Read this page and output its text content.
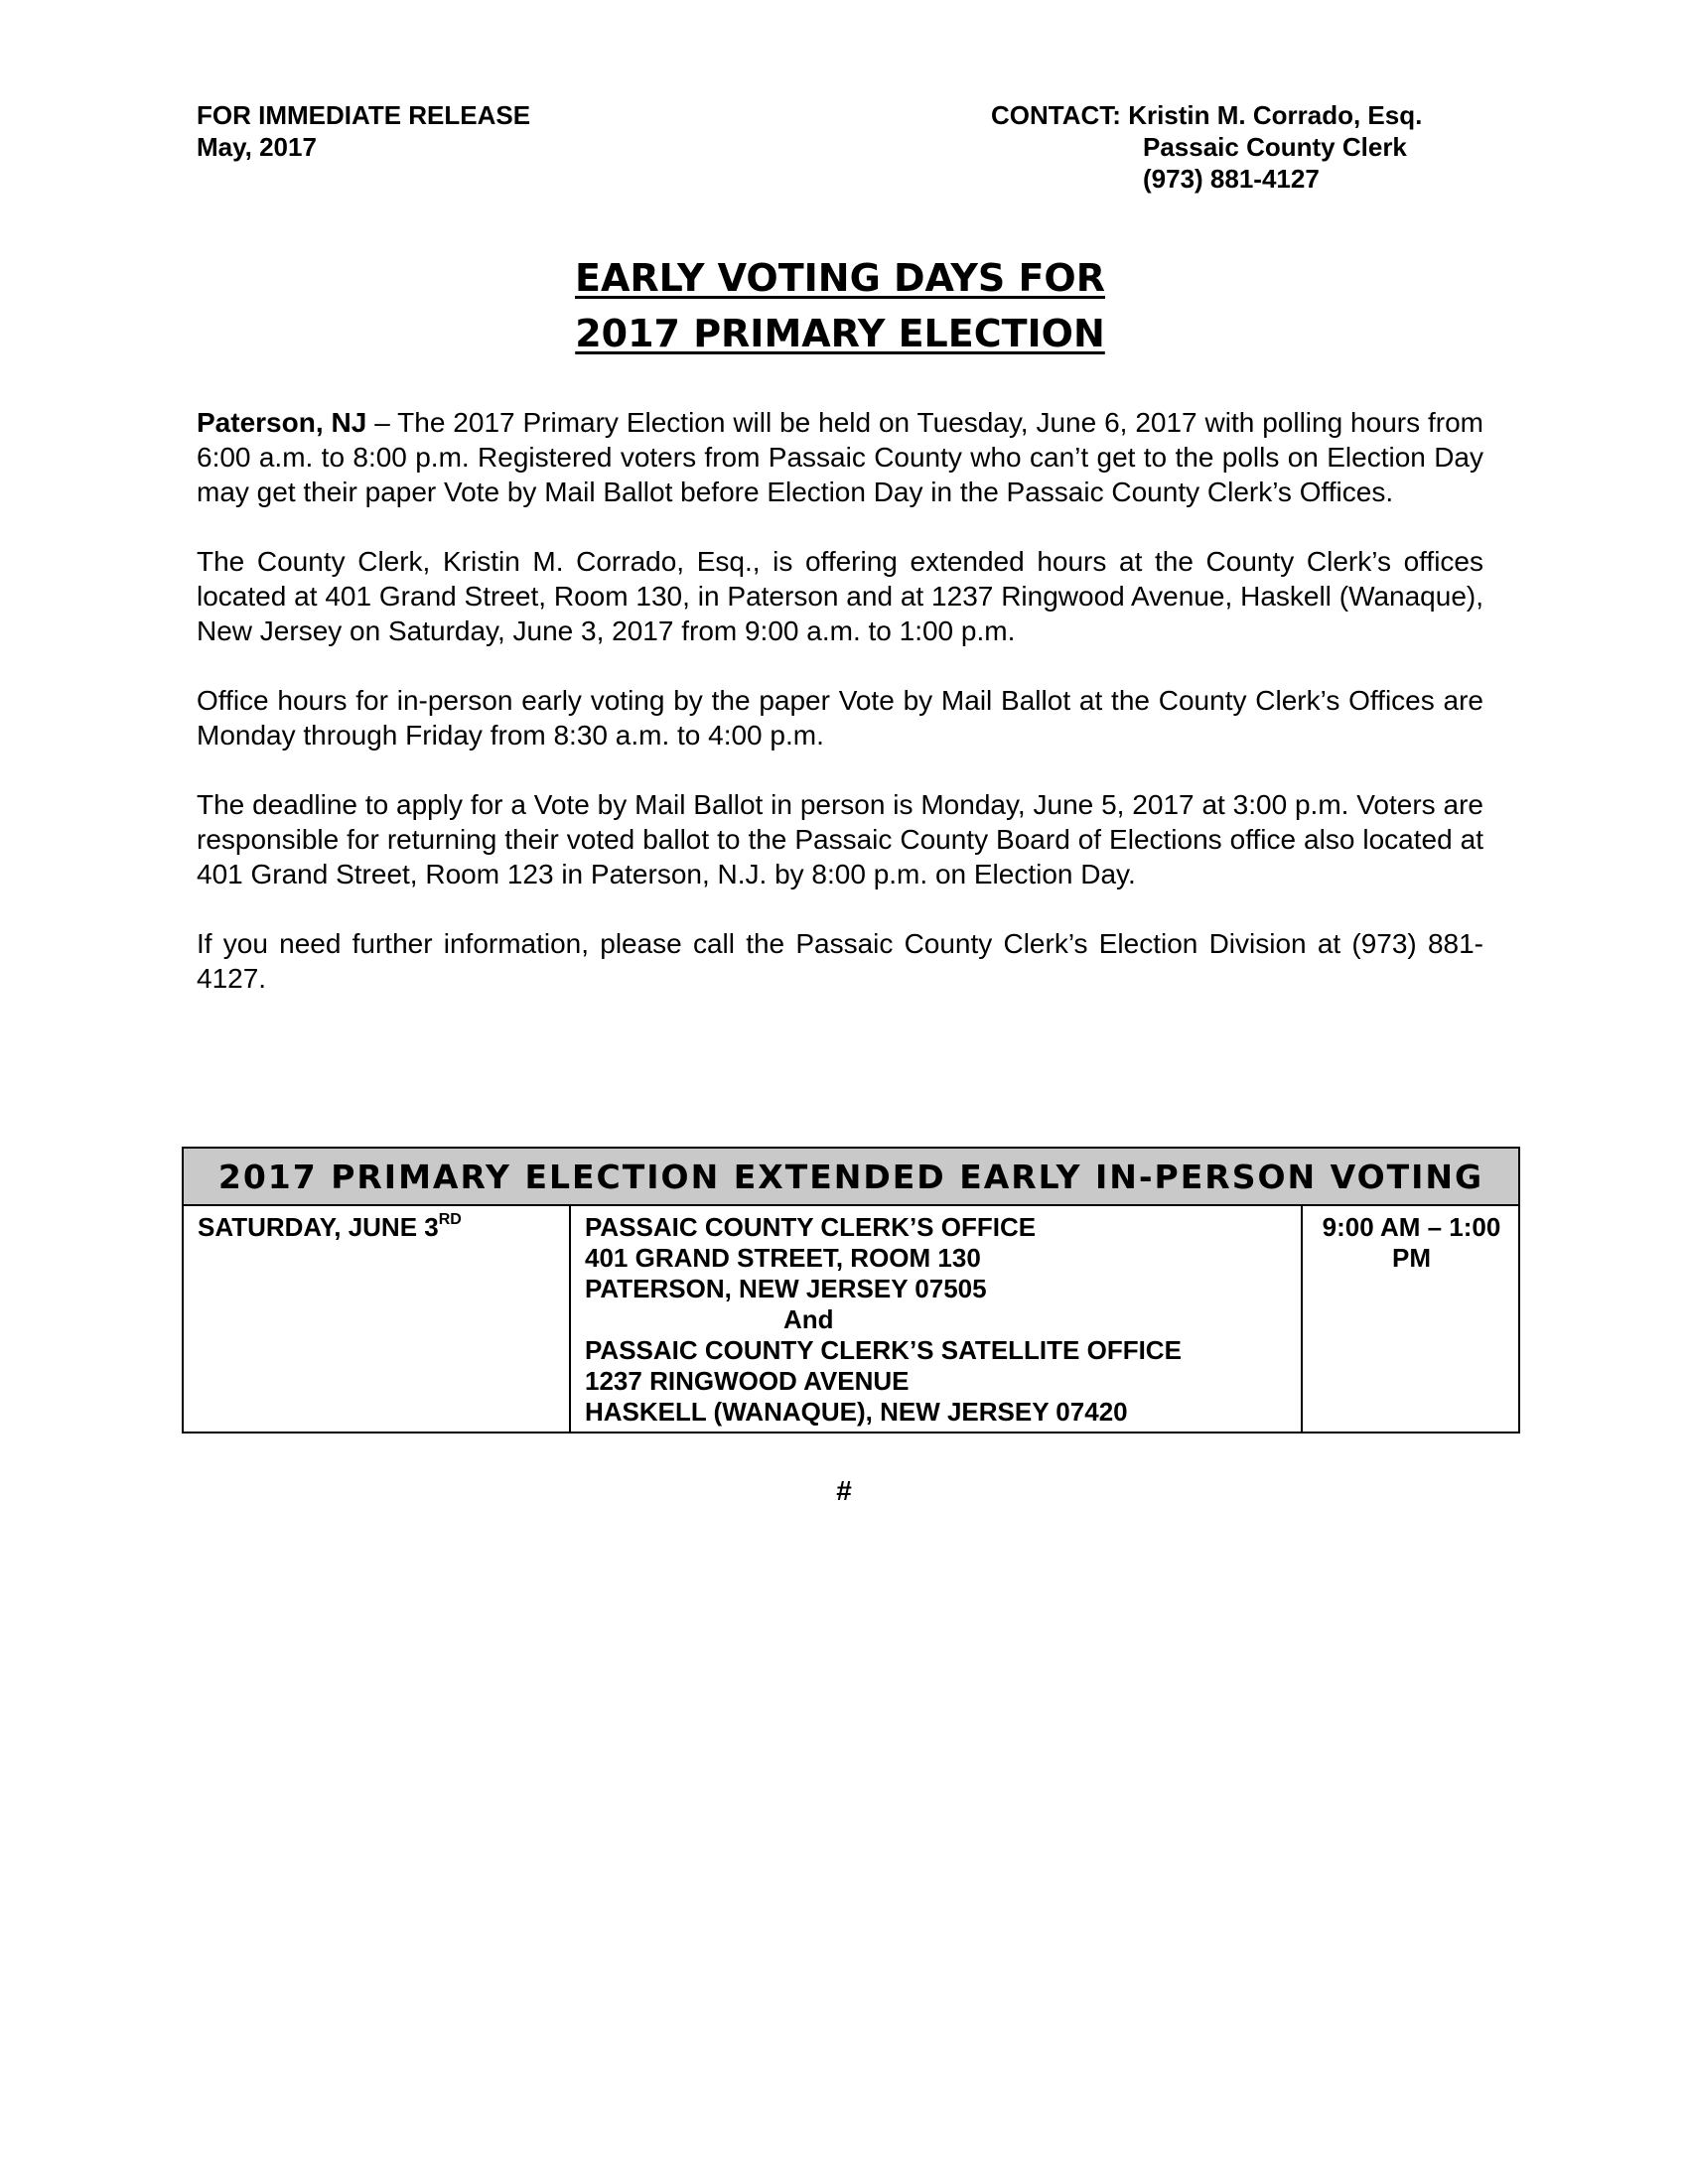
FOR IMMEDIATE RELEASE
May, 2017
CONTACT: Kristin M. Corrado, Esq.
Passaic County Clerk
(973) 881-4127
EARLY VOTING DAYS FOR
2017 PRIMARY ELECTION

Paterson, NJ – The 2017 Primary Election will be held on Tuesday, June 6, 2017 with polling hours from 6:00 a.m. to 8:00 p.m. Registered voters from Passaic County who can’t get to the polls on Election Day may get their paper Vote by Mail Ballot before Election Day in the Passaic County Clerk’s Offices.

The County Clerk, Kristin M. Corrado, Esq., is offering extended hours at the County Clerk’s offices located at 401 Grand Street, Room 130, in Paterson and at 1237 Ringwood Avenue, Haskell (Wanaque), New Jersey on Saturday, June 3, 2017 from 9:00 a.m. to 1:00 p.m.

Office hours for in-person early voting by the paper Vote by Mail Ballot at the County Clerk’s Offices are Monday through Friday from 8:30 a.m. to 4:00 p.m.

The deadline to apply for a Vote by Mail Ballot in person is Monday, June 5, 2017 at 3:00 p.m. Voters are responsible for returning their voted ballot to the Passaic County Board of Elections office also located at 401 Grand Street, Room 123 in Paterson, N.J. by 8:00 p.m. on Election Day.

If you need further information, please call the Passaic County Clerk’s Election Division at (973) 881-4127.

2017 PRIMARY ELECTION EXTENDED EARLY IN-PERSON VOTING
SATURDAY, JUNE 3RD	PASSAIC COUNTY CLERK’S OFFICE
401 GRAND STREET, ROOM 130
PATERSON, NEW JERSEY 07505
And
PASSAIC COUNTY CLERK’S SATELLITE OFFICE
1237 RINGWOOD AVENUE
HASKELL (WANAQUE), NEW JERSEY 07420
	9:00 AM – 1:00 PM
#
